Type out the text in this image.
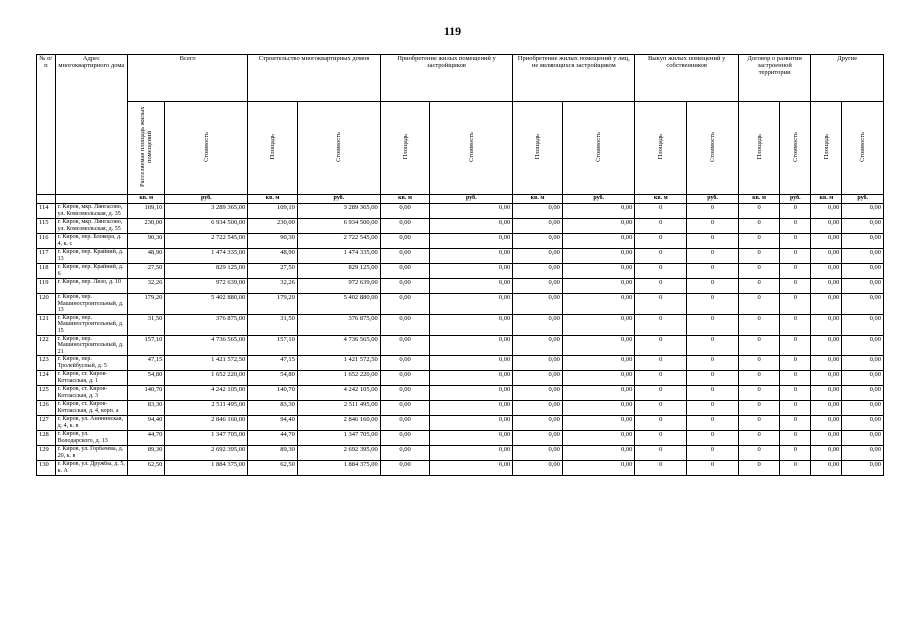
119
№ п/п	Адрес многоквартирного дома	Всего		Строительство многоквартирных домов		Приобретение жилых помещений у застройщиков		Приобретение жилых помещений у лиц, не являющихся застройщиком		Выкуп жилых помещений у собственников		Договор о развитии застроенной территории		Другие	
		Расселяемая площадь жилых помещений	Стоимость	Площадь	Стоимость	Площадь	Стоимость	Площадь	Стоимость	Площадь	Стоимость	Площадь	Стоимость	Площадь	Стоимость
		кв. м	руб.	кв. м	руб.	кв. м	руб.	кв. м	руб.	кв. м	руб.	кв. м	руб.	кв. м	руб.
114	г. Киров, мкр. Лянгасово, ул. Комсомольская, д. 35	109,10	3 289 365,00	109,10	3 289 365,00	0,00	0,00	0,00	0,00	0	0	0	0	0,00	0,00
115	г. Киров, мкр. Лянгасово, ул. Комсомольская, д. 55	230,00	6 934 500,00	230,00	6 934 500,00	0,00	0,00	0,00	0,00	0	0	0	0	0,00	0,00
116	г. Киров, пер. Блокора, д. 4, к. с	90,30	2 722 545,00	90,30	2 722 545,00	0,00	0,00	0,00	0,00	0	0	0	0	0,00	0,00
117	г. Киров, пер. Крайний, д. 13	48,90	1 474 335,00	48,90	1 474 335,00	0,00	0,00	0,00	0,00	0	0	0	0	0,00	0,00
118	г. Киров, пер. Крайний, д. 6	27,50	829 125,00	27,50	829 125,00	0,00	0,00	0,00	0,00	0	0	0	0	0,00	0,00
119	г. Киров, пер. Лизо, д. 10	32,26	972 639,00	32,26	972 639,00	0,00	0,00	0,00	0,00	0	0	0	0	0,00	0,00
120	г. Киров, пер. Машиностроительный, д. 13	179,20	5 402 880,00	179,20	5 402 880,00	0,00	0,00	0,00	0,00	0	0	0	0	0,00	0,00
121	г. Киров, пер. Машиностроительный, д. 15	31,50	376 875,00	31,50	376 875,00	0,00	0,00	0,00	0,00	0	0	0	0	0,00	0,00
122	г. Киров, пер. Машиностроительный, д. 21	157,10	4 736 565,00	157,10	4 736 565,00	0,00	0,00	0,00	0,00	0	0	0	0	0,00	0,00
123	г. Киров, пер. Тролейбусный, д. 5	47,15	1 421 572,50	47,15	1 421 572,50	0,00	0,00	0,00	0,00	0	0	0	0	0,00	0,00
124	г. Киров, ст. Киров-Котласская, д. 1	54,80	1 652 220,00	54,80	1 652 220,00	0,00	0,00	0,00	0,00	0	0	0	0	0,00	0,00
125	г. Киров, ст. Киров-Котласская, д. 3	140,70	4 242 105,00	140,70	4 242 105,00	0,00	0,00	0,00	0,00	0	0	0	0	0,00	0,00
126	г. Киров, ст. Киров-Котласская, д. 4, корп. а	83,30	2 511 495,00	83,30	2 511 495,00	0,00	0,00	0,00	0,00	0	0	0	0	0,00	0,00
127	г. Киров, ул. Анининская, д. 4, к. в	94,40	2 846 160,00	94,40	2 846 160,00	0,00	0,00	0,00	0,00	0	0	0	0	0,00	0,00
128	г. Киров, ул. Володарского, д. 13	44,70	1 347 705,00	44,70	1 347 705,00	0,00	0,00	0,00	0,00	0	0	0	0	0,00	0,00
129	г. Киров, ул. Горбачева, д. 20, к. в	89,30	2 692 395,00	89,30	2 692 395,00	0,00	0,00	0,00	0,00	0	0	0	0	0,00	0,00
130	г. Киров, ул. Дружбы, д. 5, к. А	62,50	1 884 375,00	62,50	1 884 375,00	0,00	0,00	0,00	0,00	0	0	0	0	0,00	0,00
